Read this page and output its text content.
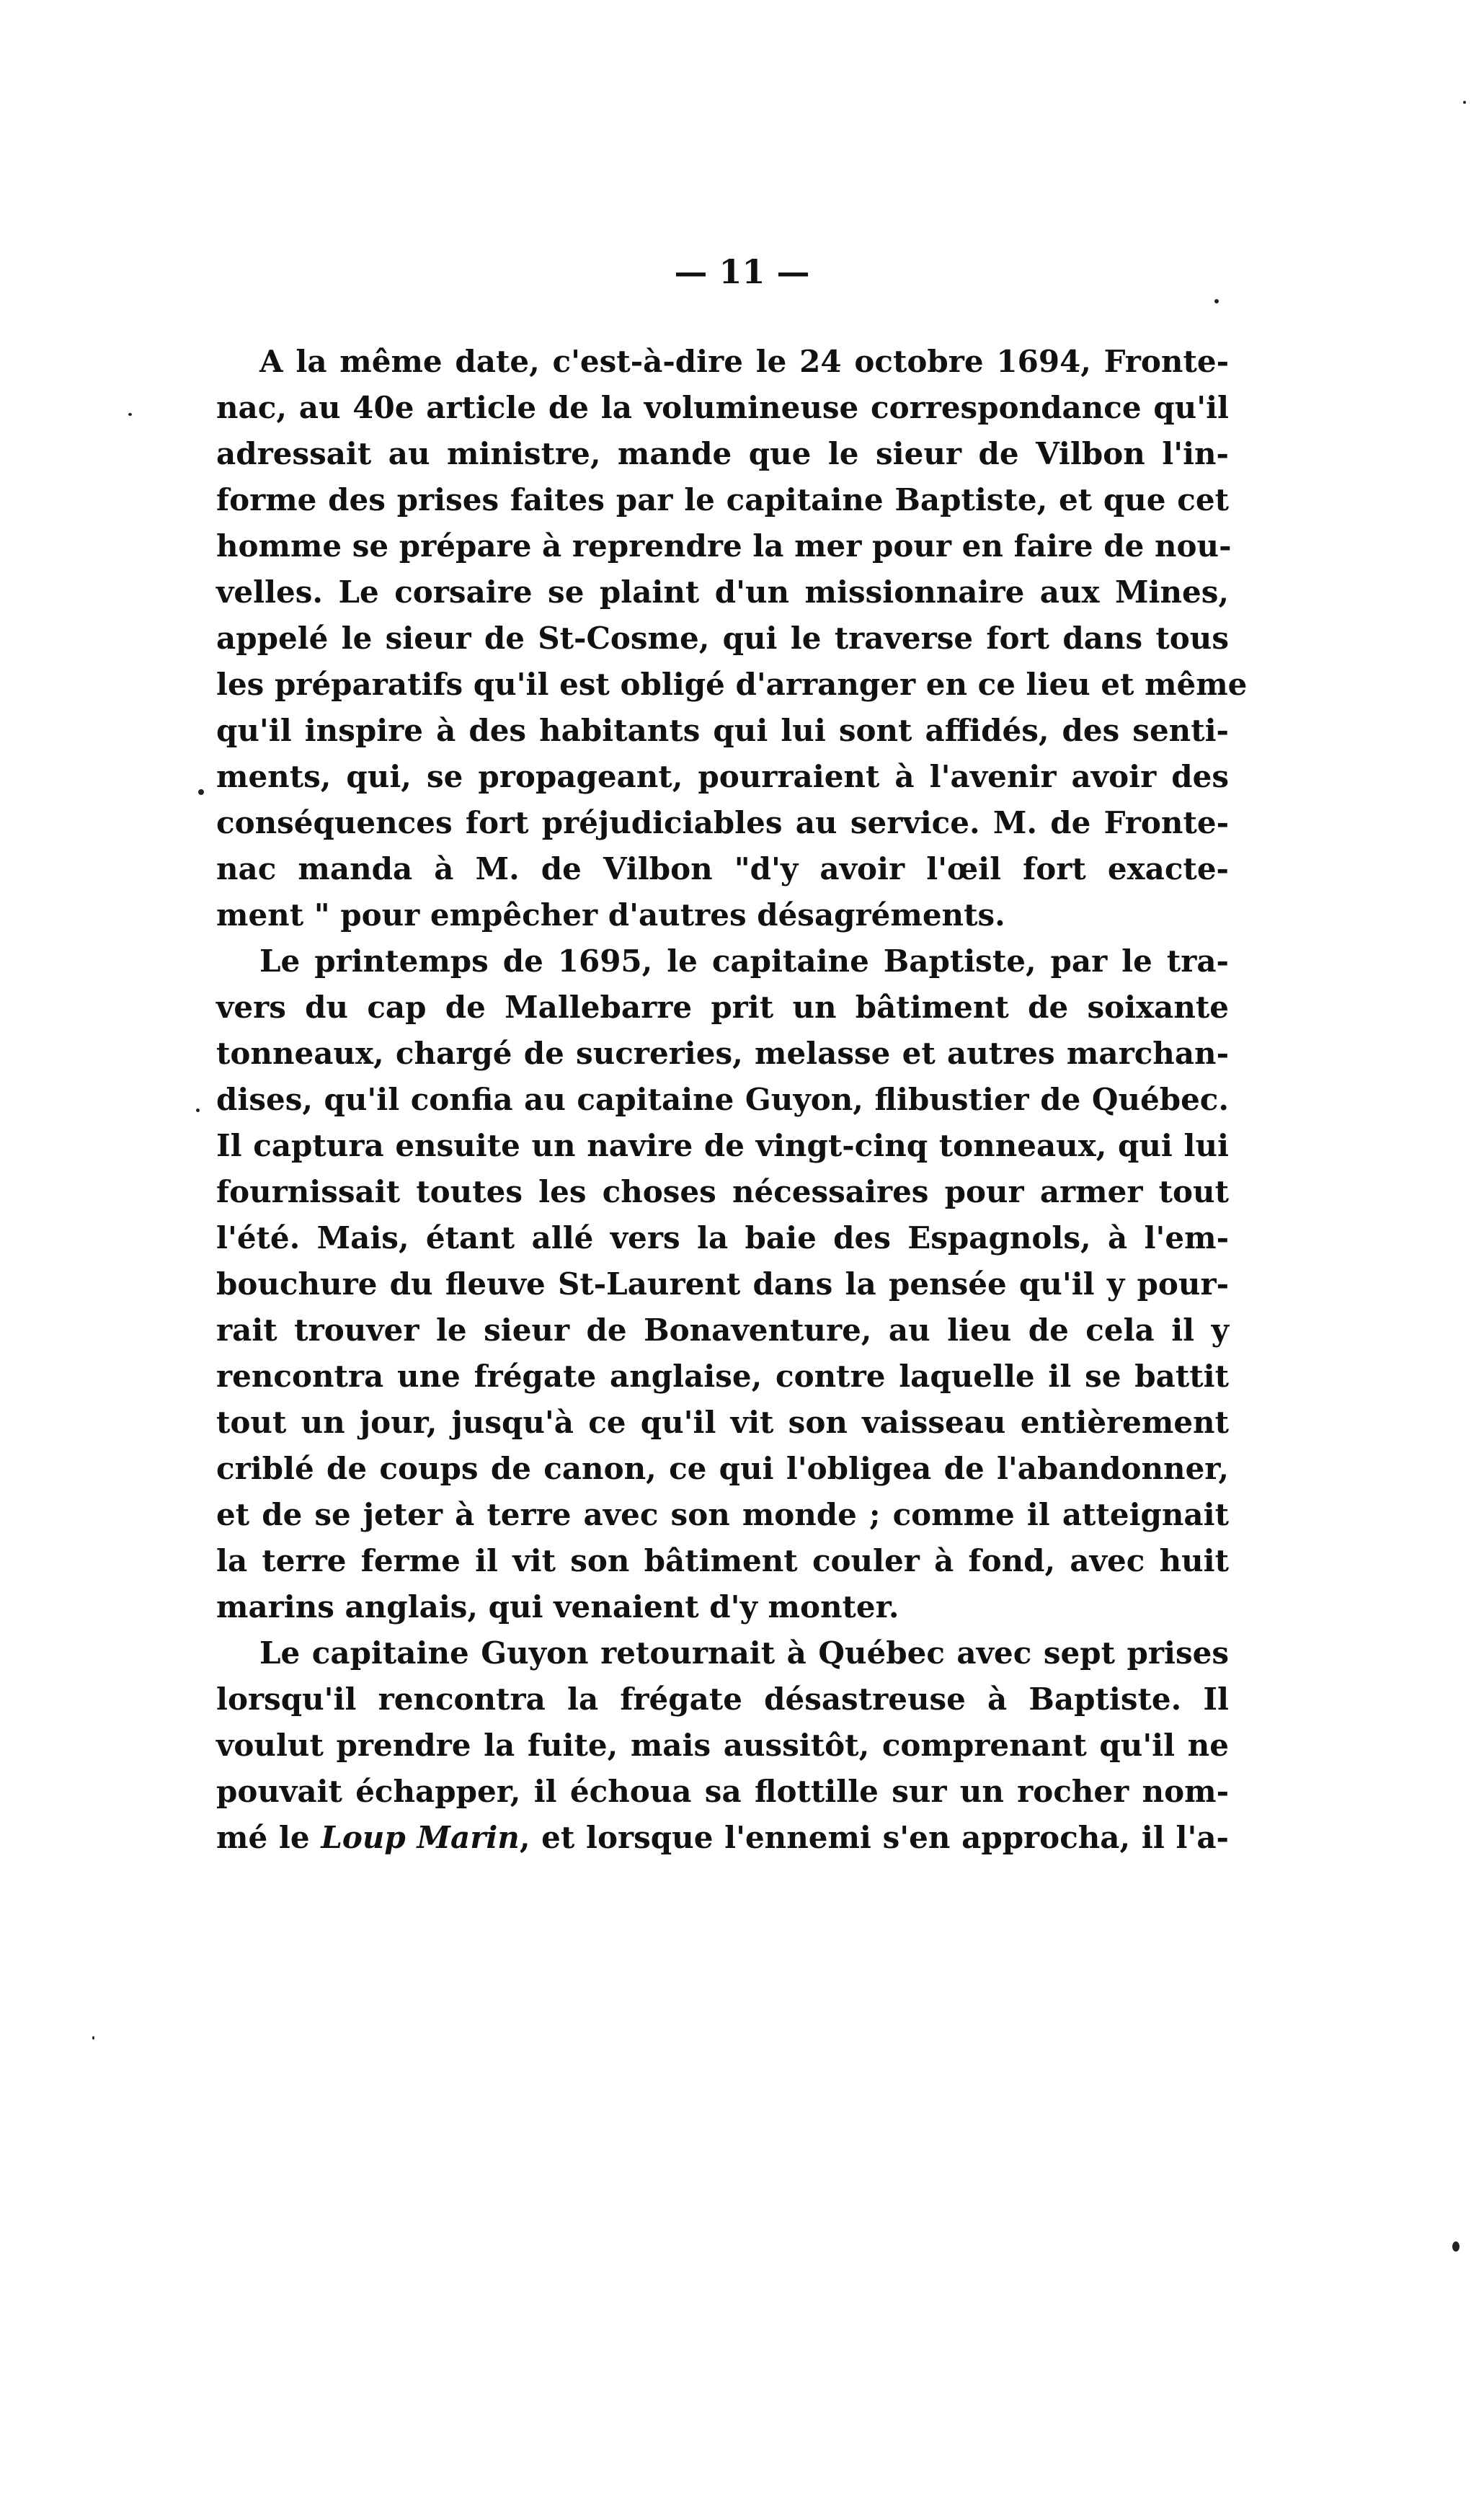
— 11 —
A la même date, c'est-à-dire le 24 octobre 1694, Fronte-
nac, au 40e article de la volumineuse correspondance qu'il
adressait au ministre, mande que le sieur de Vilbon l'in-
forme des prises faites par le capitaine Baptiste, et que cet
homme se prépare à reprendre la mer pour en faire de nou-
velles. Le corsaire se plaint d'un missionnaire aux Mines,
appelé le sieur de St-Cosme, qui le traverse fort dans tous
les préparatifs qu'il est obligé d'arranger en ce lieu et même
qu'il inspire à des habitants qui lui sont affidés, des senti-
ments, qui, se propageant, pourraient à l'avenir avoir des
conséquences fort préjudiciables au service. M. de Fronte-
nac manda à M. de Vilbon "d'y avoir l'œil fort exacte-
ment " pour empêcher d'autres désagréments.
Le printemps de 1695, le capitaine Baptiste, par le tra-
vers du cap de Mallebarre prit un bâtiment de soixante
tonneaux, chargé de sucreries, melasse et autres marchan-
dises, qu'il confia au capitaine Guyon, flibustier de Québec.
Il captura ensuite un navire de vingt-cinq tonneaux, qui lui
fournissait toutes les choses nécessaires pour armer tout
l'été. Mais, étant allé vers la baie des Espagnols, à l'em-
bouchure du fleuve St-Laurent dans la pensée qu'il y pour-
rait trouver le sieur de Bonaventure, au lieu de cela il y
rencontra une frégate anglaise, contre laquelle il se battit
tout un jour, jusqu'à ce qu'il vit son vaisseau entièrement
criblé de coups de canon, ce qui l'obligea de l'abandonner,
et de se jeter à terre avec son monde ; comme il atteignait
la terre ferme il vit son bâtiment couler à fond, avec huit
marins anglais, qui venaient d'y monter.
Le capitaine Guyon retournait à Québec avec sept prises
lorsqu'il rencontra la frégate désastreuse à Baptiste. Il
voulut prendre la fuite, mais aussitôt, comprenant qu'il ne
pouvait échapper, il échoua sa flottille sur un rocher nom-
mé le Loup Marin, et lorsque l'ennemi s'en approcha, il l'a-
